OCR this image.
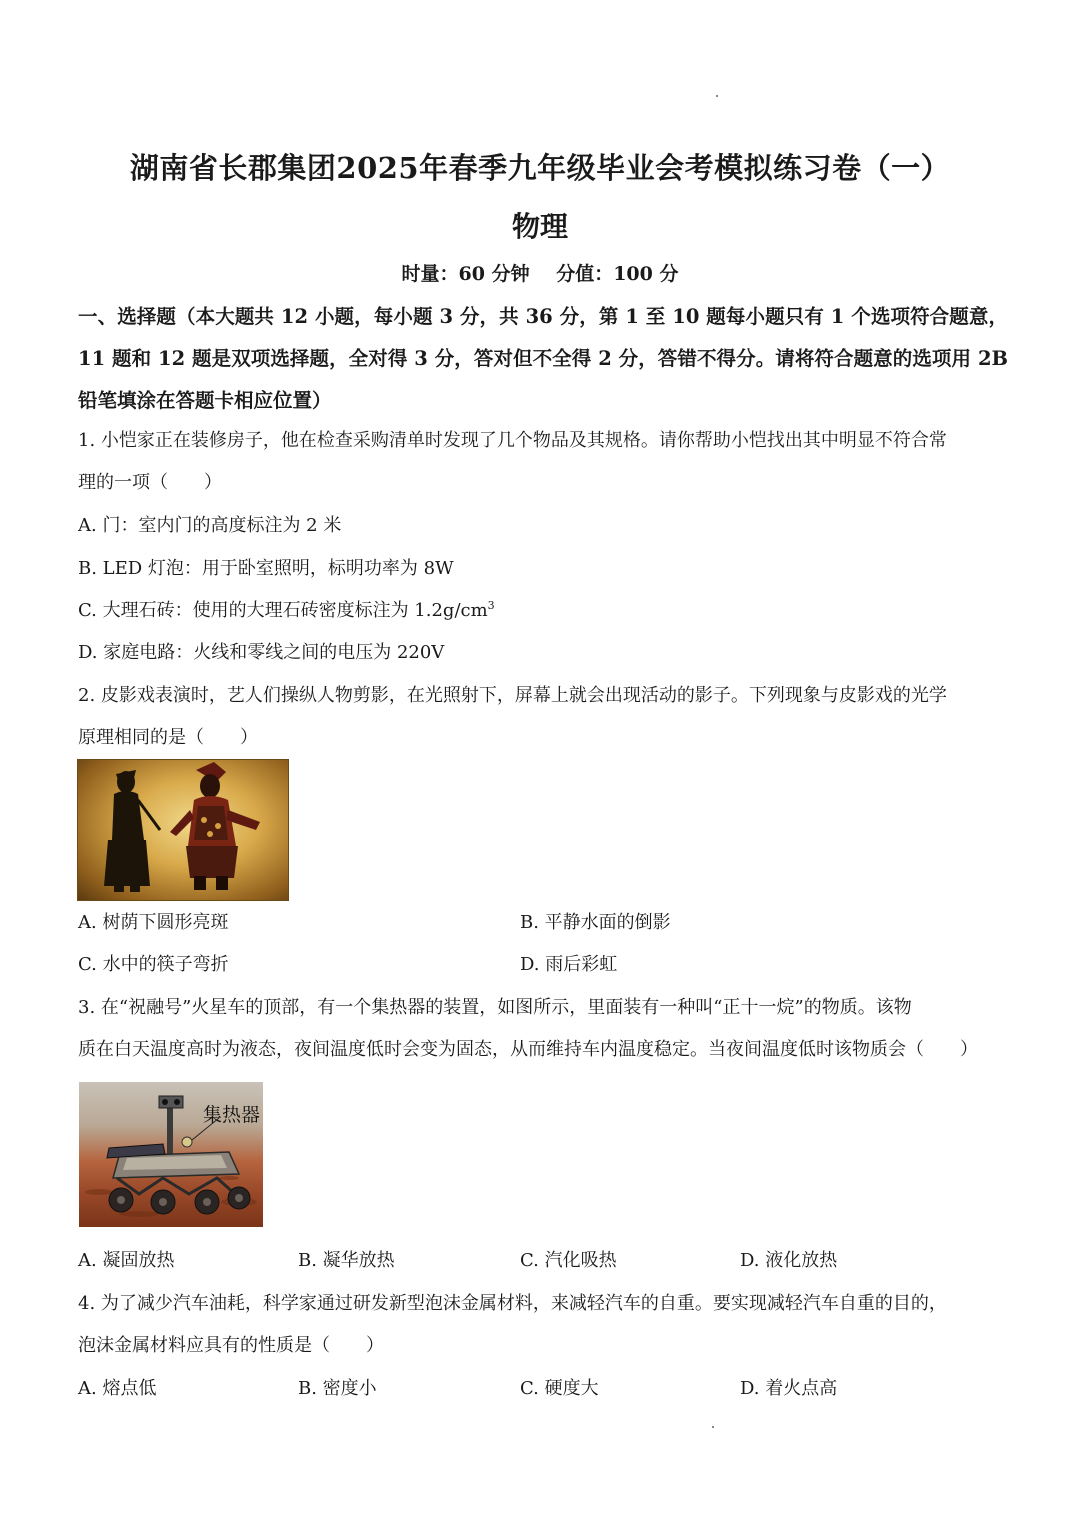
湖南省长郡集团2025年春季九年级毕业会考模拟练习卷（一）
物理
时量：60 分钟 分值：100 分
一、选择题（本大题共 12 小题，每小题 3 分，共 36 分，第 1 至 10 题每小题只有 1 个选项符合题意，11 题和 12 题是双项选择题，全对得 3 分，答对但不全得 2 分，答错不得分。请将符合题意的选项用 2B 铅笔填涂在答题卡相应位置）
1. 小恺家正在装修房子，他在检查采购清单时发现了几个物品及其规格。请你帮助小恺找出其中明显不符合常
理的一项（　　）
A. 门：室内门的高度标注为 2 米
B. LED 灯泡：用于卧室照明，标明功率为 8W
C. 大理石砖：使用的大理石砖密度标注为 $1.2g/cm^3$
D. 家庭电路：火线和零线之间的电压为 220V
2. 皮影戏表演时，艺人们操纵人物剪影，在光照射下，屏幕上就会出现活动的影子。下列现象与皮影戏的光学
原理相同的是（　　）
A. 树荫下圆形亮斑	B. 平静水面的倒影
C. 水中的筷子弯折	D. 雨后彩虹
3. 在“祝融号”火星车的顶部，有一个集热器的装置，如图所示，里面装有一种叫“正十一烷”的物质。该物
质在白天温度高时为液态，夜间温度低时会变为固态，从而维持车内温度稳定。当夜间温度低时该物质会（　　）
集热器
A. 凝固放热	B. 凝华放热	C. 汽化吸热	D. 液化放热
4. 为了减少汽车油耗，科学家通过研发新型泡沫金属材料，来减轻汽车的自重。要实现减轻汽车自重的目的，
泡沫金属材料应具有的性质是（　　）
A. 熔点低	B. 密度小	C. 硬度大	D. 着火点高
